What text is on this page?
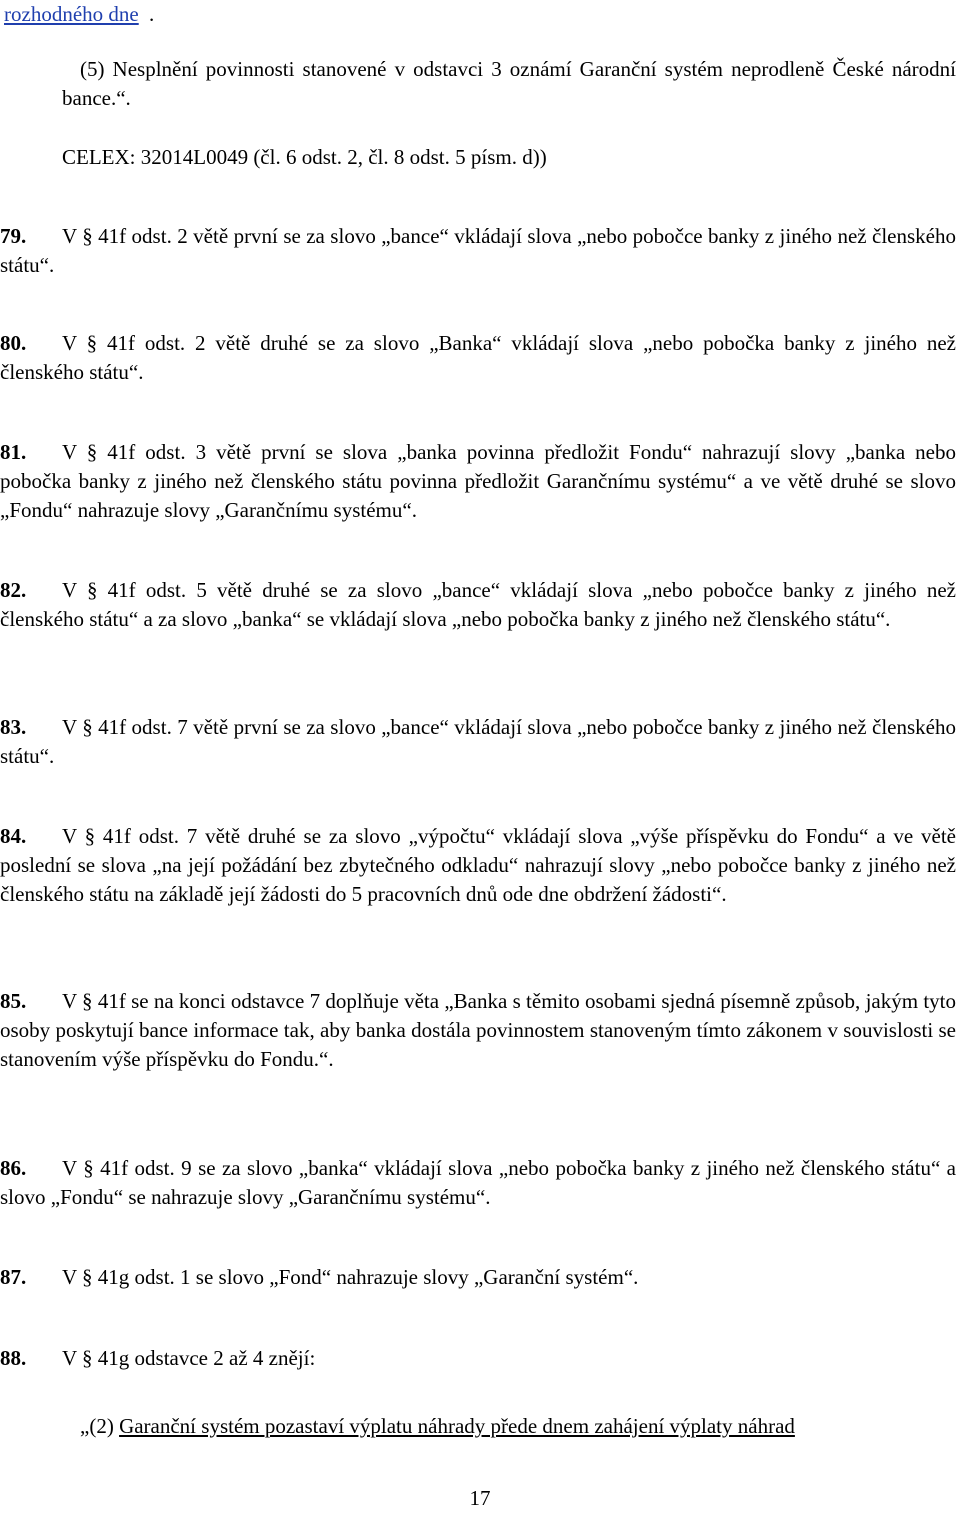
rozhodného dne .
(5) Nesplnění povinnosti stanovené v odstavci 3 oznámí Garanční systém neprodleně České národní bance.“.
CELEX: 32014L0049 (čl. 6 odst. 2, čl. 8 odst. 5 písm. d))
79.	V § 41f odst. 2 větě první se za slovo „bance“ vkládají slova „nebo pobočce banky z jiného než členského státu“.
80.	V § 41f odst. 2 větě druhé se za slovo „Banka“ vkládají slova „nebo pobočka banky z jiného než členského státu“.
81.	V § 41f odst. 3 větě první se slova „banka povinna předložit Fondu“ nahrazují slovy „banka nebo pobočka banky z jiného než členského státu povinna předložit Garančnímu systému“ a ve větě druhé se slovo „Fondu“ nahrazuje slovy „Garančnímu systému“.
82.	V § 41f odst. 5 větě druhé se za slovo „bance“ vkládají slova „nebo pobočce banky z jiného než členského státu“ a za slovo „banka“ se vkládají slova „nebo pobočka banky z jiného než členského státu“.
83.	V § 41f odst. 7 větě první se za slovo „bance“ vkládají slova „nebo pobočce banky z jiného než členského státu“.
84.	V § 41f odst. 7 větě druhé se za slovo „výpočtu“ vkládají slova „výše příspěvku do Fondu“ a ve větě poslední se slova „na její požádání bez zbytečného odkladu“ nahrazují slovy „nebo pobočce banky z jiného než členského státu na základě její žádosti do 5 pracovních dnů ode dne obdržení žádosti“.
85.	V § 41f se na konci odstavce 7 doplňuje věta „Banka s těmito osobami sjedná písemně způsob, jakým tyto osoby poskytují bance informace tak, aby banka dostála povinnostem stanoveným tímto zákonem v souvislosti se stanovením výše příspěvku do Fondu.“.
86.	V § 41f odst. 9 se za slovo „banka“ vkládají slova „nebo pobočka banky z jiného než členského státu“ a slovo „Fondu“ se nahrazuje slovy „Garančnímu systému“.
87.	V § 41g odst. 1 se slovo „Fond“ nahrazuje slovy „Garanční systém“.
88.	V § 41g odstavce 2 až 4 znějí:
„(2) Garanční systém pozastaví výplatu náhrady přede dnem zahájení výplaty náhrad
17
